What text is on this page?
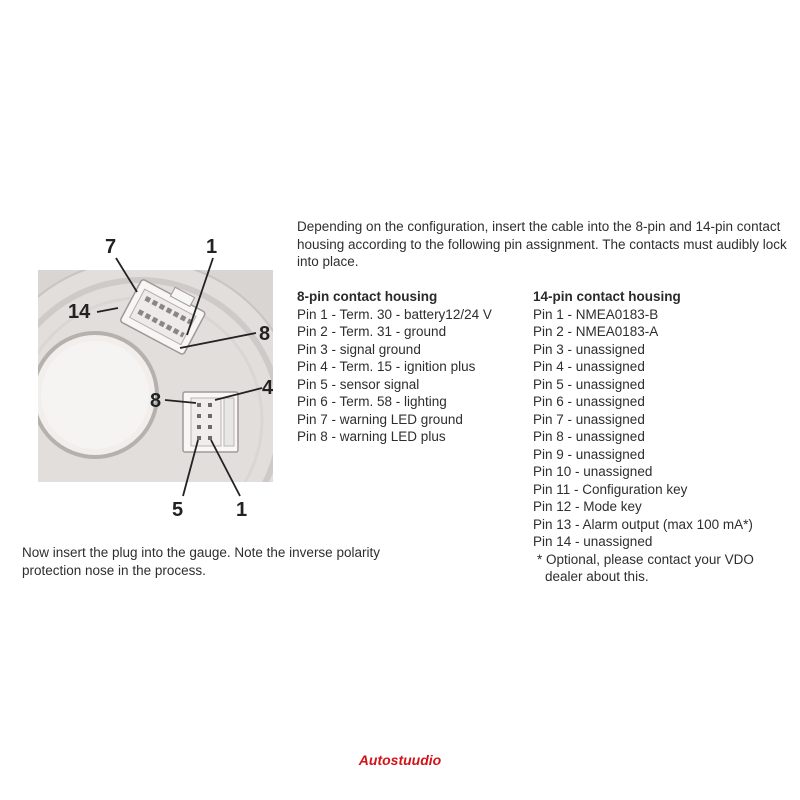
7	1
14
8
4
8
5	1
Depending on the configuration, insert the cable into the 8-pin and 14-pin contact housing according to the following pin assignment. The contacts must audibly lock into place.
8-pin contact housing
Pin 1 - Term. 30 - battery12/24 V
Pin 2 - Term. 31 - ground
Pin 3 - signal ground
Pin 4 - Term. 15 - ignition plus
Pin 5 - sensor signal
Pin 6 - Term. 58 - lighting
Pin 7 - warning LED ground
Pin 8 - warning LED plus
14-pin contact housing
Pin 1 - NMEA0183-B
Pin 2 - NMEA0183-A
Pin 3 - unassigned
Pin 4 - unassigned
Pin 5 - unassigned
Pin 6 - unassigned
Pin 7 - unassigned
Pin 8 - unassigned
Pin 9 - unassigned
Pin 10 - unassigned
Pin 11 - Configuration key
Pin 12 - Mode key
Pin 13 - Alarm output (max 100 mA*)
Pin 14 - unassigned
* Optional, please contact your VDO
dealer about this.
Now insert the plug into the gauge. Note the inverse polarity protection nose in the process.
Autostuudio
